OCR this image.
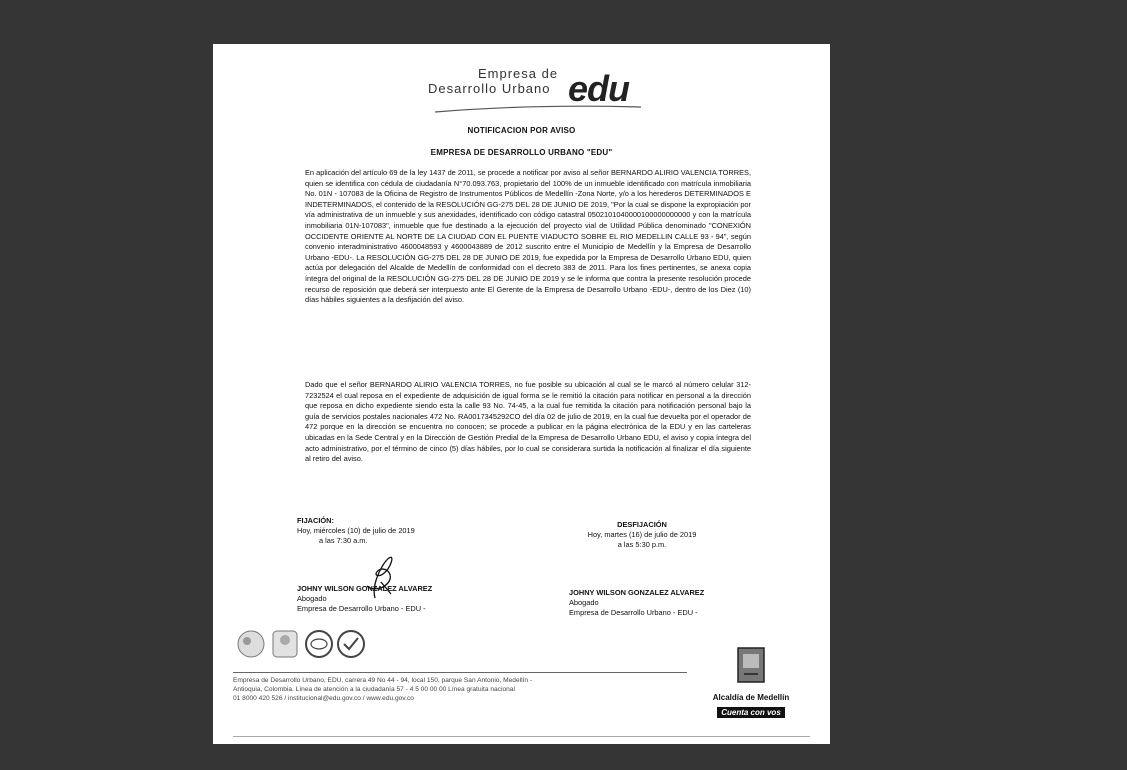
Empresa de
Desarrollo Urbano edu
NOTIFICACION POR AVISO
EMPRESA DE DESARROLLO URBANO "EDU"

En aplicación del artículo 69 de la ley 1437 de 2011, se procede a notificar por aviso al señor BERNARDO ALIRIO VALENCIA TORRES, quien se identifica con cédula de ciudadanía N°70.093.763, propietario del 100% de un inmueble identificado con matrícula inmobiliaria No. 01N - 107083 de la Oficina de Registro de Instrumentos Públicos de Medellín -Zona Norte, y/o a los herederos DETERMINADOS E INDETERMINADOS, el contenido de la RESOLUCIÓN GG-275 DEL 28 DE JUNIO DE 2019, "Por la cual se dispone la expropiación por vía administrativa de un inmueble y sus anexidades, identificado con código catastral 0502101040000100000000000 y con la matrícula inmobiliaria 01N-107083", inmueble que fue destinado a la ejecución del proyecto vial de Utilidad Pública denominado "CONEXIÓN OCCIDENTE ORIENTE AL NORTE DE LA CIUDAD CON EL PUENTE VIADUCTO SOBRE EL RIO MEDELLIN CALLE 93 - 94", según convenio interadministrativo 4600048593 y 4600043889 de 2012 suscrito entre el Municipio de Medellín y la Empresa de Desarrollo Urbano -EDU-. La RESOLUCIÓN GG-275 DEL 28 DE JUNIO DE 2019, fue expedida por la Empresa de Desarrollo Urbano EDU, quien actúa por delegación del Alcalde de Medellín de conformidad con el decreto 383 de 2011. Para los fines pertinentes, se anexa copia íntegra del original de la RESOLUCIÓN GG-275 DEL 28 DE JUNIO DE 2019 y se le informa que contra la presente resolución procede recurso de reposición que deberá ser interpuesto ante El Gerente de la Empresa de Desarrollo Urbano -EDU-, dentro de los Diez (10) días hábiles siguientes a la desfijación del aviso.

Dado que el señor BERNARDO ALIRIO VALENCIA TORRES, no fue posible su ubicación al cual se le marcó al número celular 312-7232524 el cual reposa en el expediente de adquisición de igual forma se le remitió la citación para notificar en personal a la dirección que reposa en dicho expediente siendo esta la calle 93 No. 74-45, a la cual fue remitida la citación para notificación personal bajo la guía de servicios postales nacionales 472 No. RA0017345292CO del día 02 de julio de 2019, en la cual fue devuelta por el operador de 472 porque en la dirección se encuentra no conocen; se procede a publicar en la página electrónica de la EDU y en las carteleras ubicadas en la Sede Central y en la Dirección de Gestión Predial de la Empresa de Desarrollo Urbano EDU, el aviso y copia íntegra del acto administrativo, por el término de cinco (5) días hábiles, por lo cual se considerara surtida la notificación al finalizar el día siguiente al retiro del aviso.

FIJACIÓN:
Hoy, miércoles (10) de julio de 2019
a las 7:30 a.m.
DESFIJACIÓN
Hoy, martes (16) de julio de 2019
a las 5:30 p.m.
JOHNY WILSON GONZALEZ ALVAREZ
Abogado
Empresa de Desarrollo Urbano - EDU -
JOHNY WILSON GONZALEZ ALVAREZ
Abogado
Empresa de Desarrollo Urbano - EDU -

Empresa de Desarrollo Urbano, EDU, carrera 49 No 44 - 94, local 150, parque San Antonio, Medellín -
Antioquia, Colombia. Línea de atención a la ciudadanía 57 - 4 5 00 00 00 Línea gratuita nacional
01 8000 420 526 / institucional@edu.gov.co / www.edu.gov.co	Alcaldía de Medellín
Cuenta con vos
